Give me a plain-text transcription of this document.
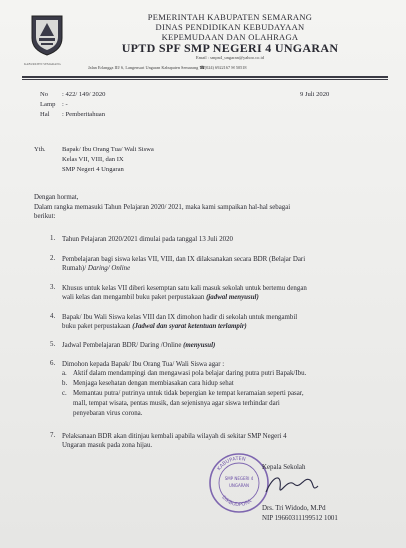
KABUPATEN SEMARANG
PEMERINTAH KABUPATEN SEMARANG
DINAS PENDIDIKAN KEBUDAYAAN
KEPEMUDAAN DAN OLAHRAGA
UPTD SPF SMP NEGERI 4 UNGARAN
Email : smpn4_ungaran@yahoo.co.id
Jalan Erlangga III/ 6, Langensari Ungaran Kabupaten Semarang ☎(024) 6922167 ✉ 50518
No : 422/ 149/ 2020	9 Juli 2020
Lamp : -
Hal : Pemberitahuan
Yth. Bapak/ Ibu Orang Tua/ Wali Siswa
Kelas VII, VIII, dan IX
SMP Negeri 4 Ungaran
Dengan hormat,
Dalam rangka memasuki Tahun Pelajaran 2020/ 2021, maka kami sampaikan hal-hal sebagai
berikut:
1. Tahun Pelajaran 2020/2021 dimulai pada tanggal 13 Juli 2020
2. Pembelajaran bagi siswa kelas VII, VIII, dan IX dilaksanakan secara BDR (Belajar Dari
Rumah)/ Daring/ Online
3. Khusus untuk kelas VII diberi kesemptan satu kali masuk sekolah untuk bertemu dengan
wali kelas dan mengambil buku paket perpustakaan (jadwal menyusul)
4. Bapak/ Ibu Wali Siswa kelas VIII dan IX dimohon hadir di sekolah untuk mengambil
buku paket perpustakaan (Jadwal dan syarat ketentuan terlampir)
5. Jadwal Pembelajaran BDR/ Daring /Online (menyusul)
6. Dimohon kepada Bapak/ Ibu Orang Tua/ Wali Siswa agar :
a. Aktif dalam mendampingi dan mengawasi pola belajar daring putra putri Bapak/Ibu.
b. Menjaga kesehatan dengan membiasakan cara hidup sehat
c. Memantau putra/ putrinya untuk tidak bepergian ke tempat keramaian seperti pasar,
mall, tempat wisata, pentas musik, dan sejenisnya agar siswa terhindar dari
penyebaran virus corona.
7. Pelaksanaan BDR akan ditinjau kembali apabila wilayah di sekitar SMP Negeri 4
Ungaran masuk pada zona hijau.
KABUPATEN
SMP NEGERI 4
UNGARAN
DIKBUDPORA
Kepala Sekolah
Drs. Tri Widodo, M.Pd
NIP 19660311199512 1001
